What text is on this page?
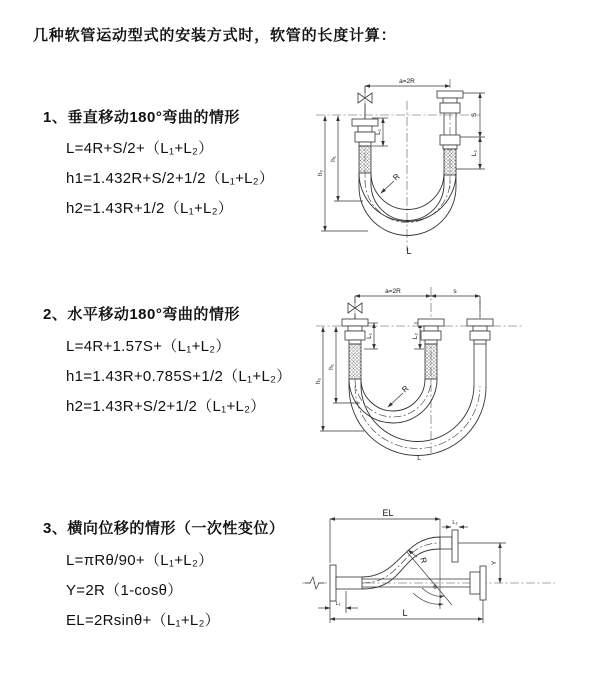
几种软管运动型式的安装方式时，软管的长度计算：
1、垂直移动180°弯曲的情形
L=4R+S/2+（L₁+L₂）
h1=1.432R+S/2+1/2（L₁+L₂）
h2=1.43R+1/2（L₁+L₂）
2、水平移动180°弯曲的情形
L=4R+1.57S+（L₁+L₂）
h1=1.43R+0.785S+1/2（L₁+L₂）
h2=1.43R+S/2+1/2（L₁+L₂）
3、横向位移的情形（一次性变位）
L=πRθ/90+（L₁+L₂）
Y=2R（1-cosθ）
EL=2Rsinθ+（L₁+L₂）
a=2R
S
L₂
L₁
h₁
h₂	R
L
a=2R	s
L₁	L₂
h₁
h₂
R
L
EL
L₂
Y
R
θ
L₁
L
